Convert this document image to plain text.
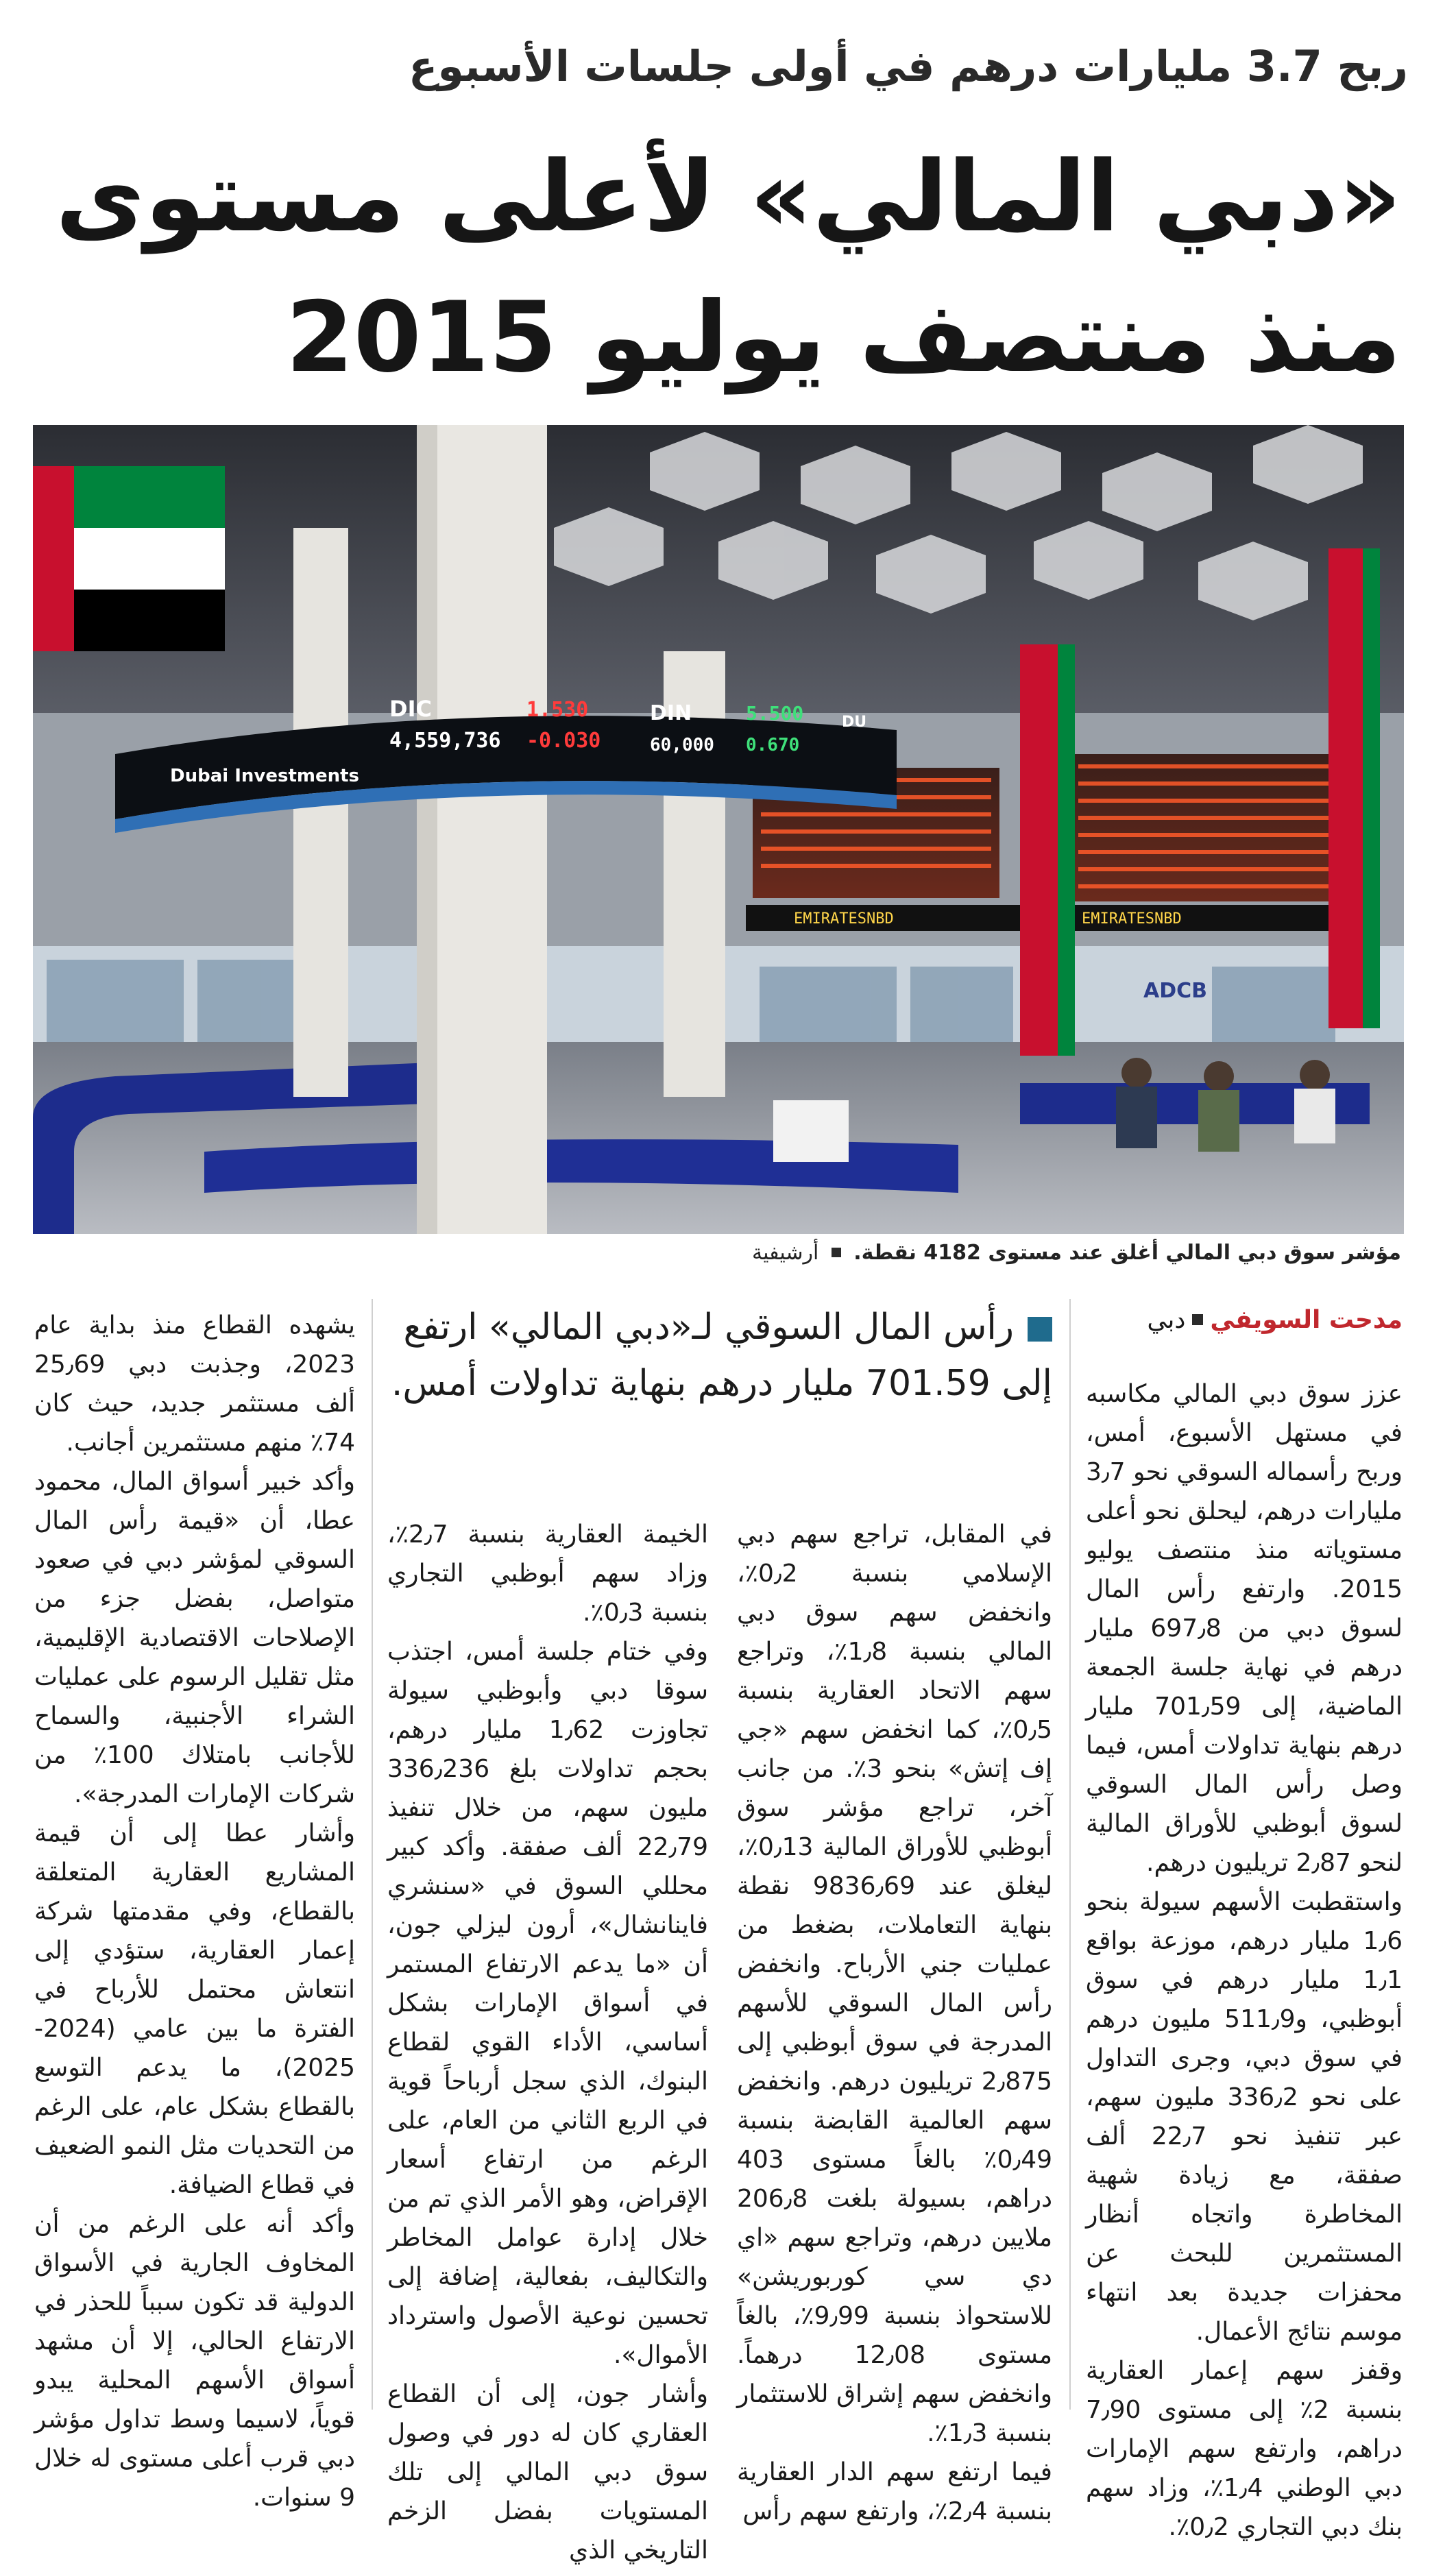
ربح 3.7 مليارات درهم في أولى جلسات الأسبوع
«دبي المالي» لأعلى مستوى
منذ منتصف يوليو 2015
EMIRATESNBD	EMIRATESNBD
ADCB
Dubai Investments
DIC
4,559,736
1.530
-0.030
DIN
60,000
5.500
0.670
DU
مؤشر سوق دبي المالي أغلق عند مستوى 4182 نقطة.  أرشيفية
مدحت السويفيدبي
رأس المال السوقي لـ«دبي المالي» ارتفع إلى 701.59 مليار درهم بنهاية تداولات أمس. عزز سوق دبي المالي مكاسبه في مستهل الأسبوع، أمس، وربح رأسماله السوقي نحو 3٫7 مليارات درهم، ليحلق نحو أعلى مستوياته منذ منتصف يوليو 2015. وارتفع رأس المال لسوق دبي من 697٫8 مليار درهم في نهاية جلسة الجمعة الماضية، إلى 701٫59 مليار درهم بنهاية تداولات أمس، فيما وصل رأس المال السوقي لسوق أبوظبي للأوراق المالية لنحو 2٫87 تريليون درهم.

واستقطبت الأسهم سيولة بنحو 1٫6 مليار درهم، موزعة بواقع 1٫1 مليار درهم في سوق أبوظبي، و511٫9 مليون درهم في سوق دبي، وجرى التداول على نحو 336٫2 مليون سهم، عبر تنفيذ نحو 22٫7 ألف صفقة، مع زيادة شهية المخاطرة واتجاه أنظار المستثمرين للبحث عن محفزات جديدة بعد انتهاء موسم نتائج الأعمال.

وقفز سهم إعمار العقارية بنسبة 2٪ إلى مستوى 7٫90 دراهم، وارتفع سهم الإمارات دبي الوطني 1٫4٪، وزاد سهم بنك دبي التجاري 0٫2٪.

في المقابل، تراجع سهم دبي الإسلامي بنسبة 0٫2٪، وانخفض سهم سوق دبي المالي بنسبة 1٫8٪، وتراجع سهم الاتحاد العقارية بنسبة 0٫5٪، كما انخفض سهم «جي إف إتش» بنحو 3٪. من جانب آخر، تراجع مؤشر سوق أبوظبي للأوراق المالية 0٫13٪، ليغلق عند 9836٫69 نقطة بنهاية التعاملات، بضغط من عمليات جني الأرباح. وانخفض رأس المال السوقي للأسهم المدرجة في سوق أبوظبي إلى 2٫875 تريليون درهم. وانخفض سهم العالمية القابضة بنسبة 0٫49٪ بالغاً مستوى 403 دراهم، بسيولة بلغت 206٫8 ملايين درهم، وتراجع سهم «اي دي سي كوربوريشن» للاستحواذ بنسبة 9٫99٪، بالغاً مستوى 12٫08 درهماً. وانخفض سهم إشراق للاستثمار بنسبة 1٫3٪.

فيما ارتفع سهم الدار العقارية بنسبة 2٫4٪، وارتفع سهم رأس

الخيمة العقارية بنسبة 2٫7٪، وزاد سهم أبوظبي التجاري بنسبة 0٫3٪.

وفي ختام جلسة أمس، اجتذب سوقا دبي وأبوظبي سيولة تجاوزت 1٫62 مليار درهم، بحجم تداولات بلغ 336٫236 مليون سهم، من خلال تنفيذ 22٫79 ألف صفقة. وأكد كبير محللي السوق في «سنشري فاينانشال»، أرون ليزلي جون، أن «ما يدعم الارتفاع المستمر في أسواق الإمارات بشكل أساسي، الأداء القوي لقطاع البنوك، الذي سجل أرباحاً قوية في الربع الثاني من العام، على الرغم من ارتفاع أسعار الإقراض، وهو الأمر الذي تم من خلال إدارة عوامل المخاطر والتكاليف، بفعالية، إضافة إلى تحسين نوعية الأصول واسترداد الأموال».

وأشار جون، إلى أن القطاع العقاري كان له دور في وصول سوق دبي المالي إلى تلك المستويات بفضل الزخم التاريخي الذي

يشهده القطاع منذ بداية عام 2023، وجذبت دبي 25٫69 ألف مستثمر جديد، حيث كان 74٪ منهم مستثمرين أجانب.

وأكد خبير أسواق المال، محمود عطا، أن «قيمة رأس المال السوقي لمؤشر دبي في صعود متواصل، بفضل جزء من الإصلاحات الاقتصادية الإقليمية، مثل تقليل الرسوم على عمليات الشراء الأجنبية، والسماح للأجانب بامتلاك 100٪ من شركات الإمارات المدرجة».

وأشار عطا إلى أن قيمة المشاريع العقارية المتعلقة بالقطاع، وفي مقدمتها شركة إعمار العقارية، ستؤدي إلى انتعاش محتمل للأرباح في الفترة ما بين عامي (2024-2025)، ما يدعم التوسع بالقطاع بشكل عام، على الرغم من التحديات مثل النمو الضعيف في قطاع الضيافة.

وأكد أنه على الرغم من أن المخاوف الجارية في الأسواق الدولية قد تكون سبباً للحذر في الارتفاع الحالي، إلا أن مشهد أسواق الأسهم المحلية يبدو قوياً، لاسيما وسط تداول مؤشر دبي قرب أعلى مستوى له خلال 9 سنوات.
